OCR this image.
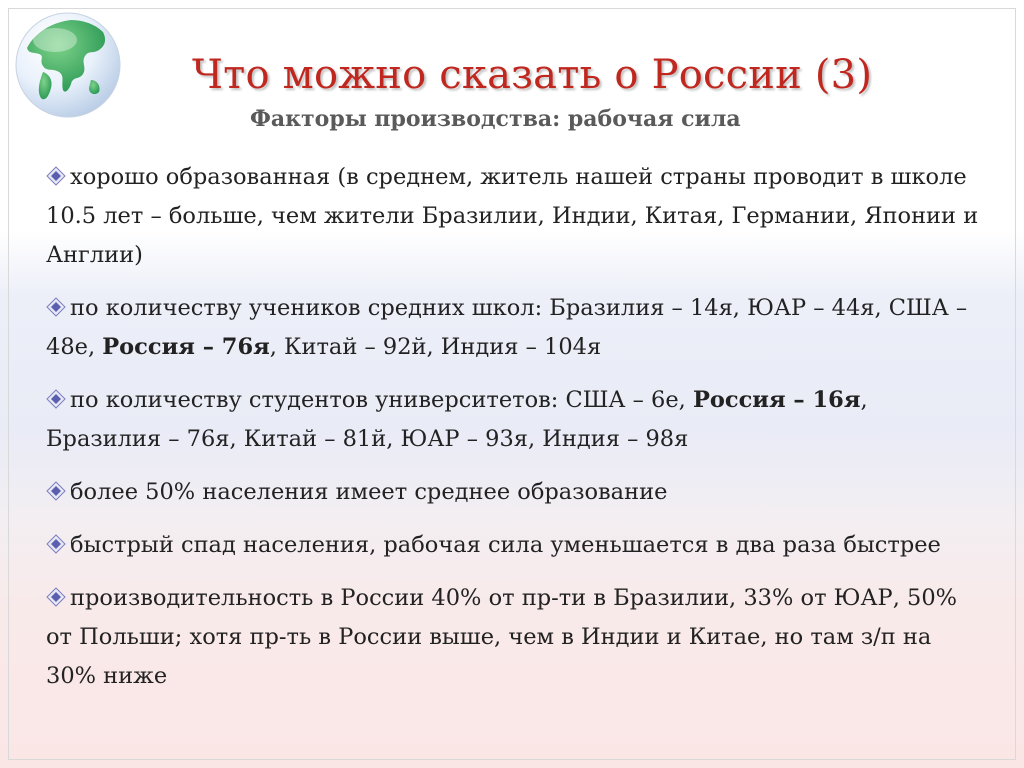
Что можно сказать о России (3)
Факторы производства: рабочая сила
хорошо образованная (в среднем, житель нашей страны проводит в школе 10.5 лет – больше, чем жители Бразилии, Индии, Китая, Германии, Японии и Англии)
по количеству учеников средних школ: Бразилия – 14я, ЮАР – 44я, США – 48е, Россия – 76я, Китай – 92й, Индия – 104я
по количеству студентов университетов: США – 6е, Россия – 16я, Бразилия – 76я, Китай – 81й, ЮАР – 93я, Индия – 98я
более 50% населения имеет среднее образование
быстрый спад населения, рабочая сила уменьшается в два раза быстрее
производительность в России 40% от пр-ти в Бразилии, 33% от ЮАР, 50% от Польши; хотя пр-ть в России выше, чем в Индии и Китае, но там з/п на 30% ниже
